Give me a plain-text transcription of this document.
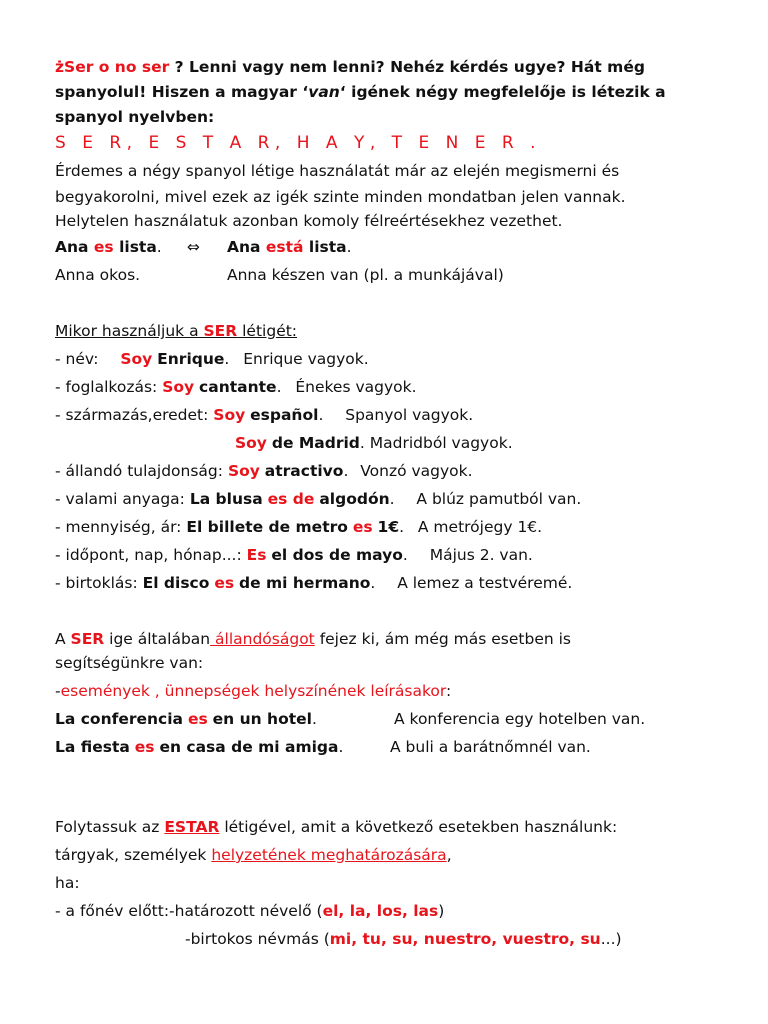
żSer o no ser ? Lenni vagy nem lenni? Nehéz kérdés ugye? Hát még
spanyolul! Hiszen a magyar ‘van‘ igének négy megfelelője is létezik a
spanyol nyelvben:
S E R, E S T A R, H A Y, T E N E R .
Érdemes a négy spanyol létige használatát már az elején megismerni és
begyakorolni, mivel ezek az igék szinte minden mondatban jelen vannak.
Helytelen használatuk azonban komoly félreértésekhez vezethet.
Ana es lista. ⇔ Ana está lista.
Anna okos.	Anna készen van (pl. a munkájával)
Mikor használjuk a SER létigét:
- név: Soy Enrique.  Enrique vagyok.
- foglalkozás: Soy cantante.  Énekes vagyok.
- származás,eredet: Soy español.  Spanyol vagyok.
Soy de Madrid. Madridból vagyok.
- állandó tulajdonság: Soy atractivo.  Vonzó vagyok.
- valami anyaga: La blusa es de algodón.  A blúz pamutból van.
- mennyiség, ár: El billete de metro es 1€.  A metrójegy 1€.
- időpont, nap, hónap...: Es el dos de mayo.  Május 2. van.
- birtoklás: El disco es de mi hermano.  A lemez a testvéremé.
A SER ige általában állandóságot fejez ki, ám még más esetben is
segítségünkre van:
-események , ünnepségek helyszínének leírásakor:
La conferencia es en un hotel.	A konferencia egy hotelben van.
La fiesta es en casa de mi amiga.	A buli a barátnőmnél van.
Folytassuk az ESTAR létigével, amit a következő esetekben használunk:
tárgyak, személyek helyzetének meghatározására,
ha:
- a főnév előtt:-határozott névelő (el, la, los, las)
-birtokos névmás (mi, tu, su, nuestro, vuestro, su...)
